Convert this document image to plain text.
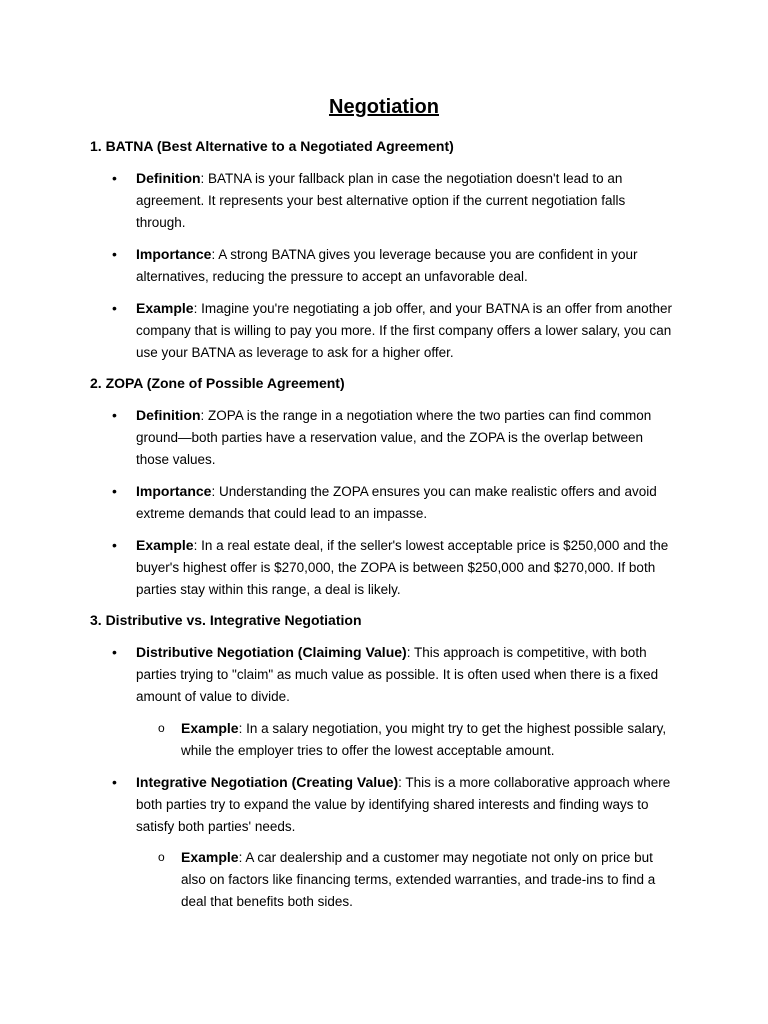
Negotiation
1. BATNA (Best Alternative to a Negotiated Agreement)
• Definition: BATNA is your fallback plan in case the negotiation doesn't lead to an agreement. It represents your best alternative option if the current negotiation falls through.
• Importance: A strong BATNA gives you leverage because you are confident in your alternatives, reducing the pressure to accept an unfavorable deal.
• Example: Imagine you're negotiating a job offer, and your BATNA is an offer from another company that is willing to pay you more. If the first company offers a lower salary, you can use your BATNA as leverage to ask for a higher offer.
2. ZOPA (Zone of Possible Agreement)
• Definition: ZOPA is the range in a negotiation where the two parties can find common ground—both parties have a reservation value, and the ZOPA is the overlap between those values.
• Importance: Understanding the ZOPA ensures you can make realistic offers and avoid extreme demands that could lead to an impasse.
• Example: In a real estate deal, if the seller's lowest acceptable price is $250,000 and the buyer's highest offer is $270,000, the ZOPA is between $250,000 and $270,000. If both parties stay within this range, a deal is likely.
3. Distributive vs. Integrative Negotiation
• Distributive Negotiation (Claiming Value): This approach is competitive, with both parties trying to "claim" as much value as possible. It is often used when there is a fixed amount of value to divide.
o Example: In a salary negotiation, you might try to get the highest possible salary, while the employer tries to offer the lowest acceptable amount.
• Integrative Negotiation (Creating Value): This is a more collaborative approach where both parties try to expand the value by identifying shared interests and finding ways to satisfy both parties' needs.
o Example: A car dealership and a customer may negotiate not only on price but also on factors like financing terms, extended warranties, and trade-ins to find a deal that benefits both sides.
